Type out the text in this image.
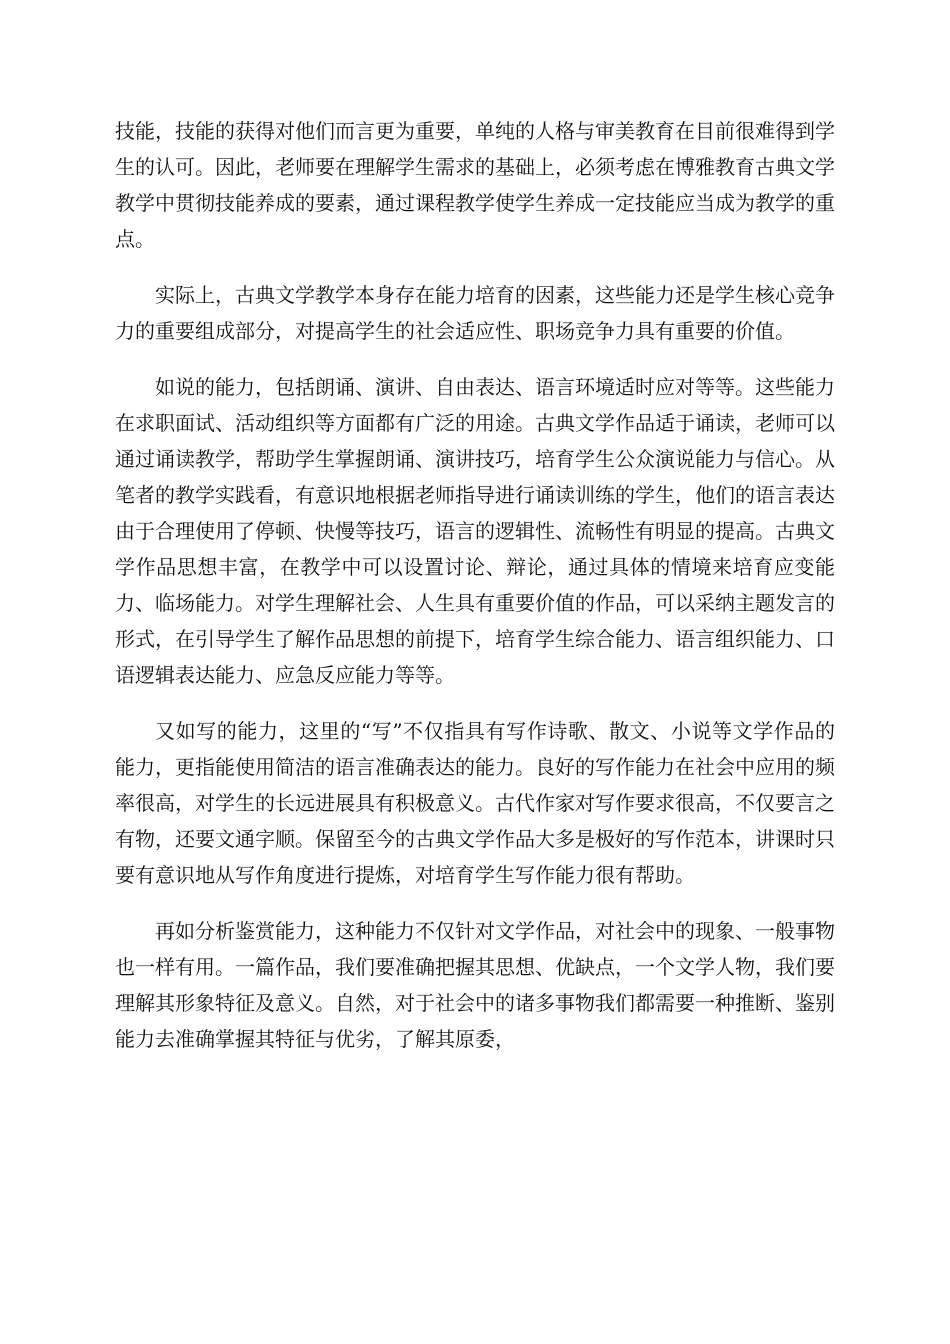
技能，技能的获得对他们而言更为重要，单纯的人格与审美教育在目前很难得到学生的认可。因此，老师要在理解学生需求的基础上，必须考虑在博雅教育古典文学教学中贯彻技能养成的要素，通过课程教学使学生养成一定技能应当成为教学的重点。

实际上，古典文学教学本身存在能力培育的因素，这些能力还是学生核心竞争力的重要组成部分，对提高学生的社会适应性、职场竞争力具有重要的价值。

如说的能力，包括朗诵、演讲、自由表达、语言环境适时应对等等。这些能力在求职面试、活动组织等方面都有广泛的用途。古典文学作品适于诵读，老师可以通过诵读教学，帮助学生掌握朗诵、演讲技巧，培育学生公众演说能力与信心。从笔者的教学实践看，有意识地根据老师指导进行诵读训练的学生，他们的语言表达由于合理使用了停顿、快慢等技巧，语言的逻辑性、流畅性有明显的提高。古典文学作品思想丰富，在教学中可以设置讨论、辩论，通过具体的情境来培育应变能力、临场能力。对学生理解社会、人生具有重要价值的作品，可以采纳主题发言的形式，在引导学生了解作品思想的前提下，培育学生综合能力、语言组织能力、口语逻辑表达能力、应急反应能力等等。

又如写的能力，这里的“写”不仅指具有写作诗歌、散文、小说等文学作品的能力，更指能使用简洁的语言准确表达的能力。良好的写作能力在社会中应用的频率很高，对学生的长远进展具有积极意义。古代作家对写作要求很高，不仅要言之有物，还要文通字顺。保留至今的古典文学作品大多是极好的写作范本，讲课时只要有意识地从写作角度进行提炼，对培育学生写作能力很有帮助。

再如分析鉴赏能力，这种能力不仅针对文学作品，对社会中的现象、一般事物也一样有用。一篇作品，我们要准确把握其思想、优缺点，一个文学人物，我们要理解其形象特征及意义。自然，对于社会中的诸多事物我们都需要一种推断、鉴别能力去准确掌握其特征与优劣，了解其原委，
